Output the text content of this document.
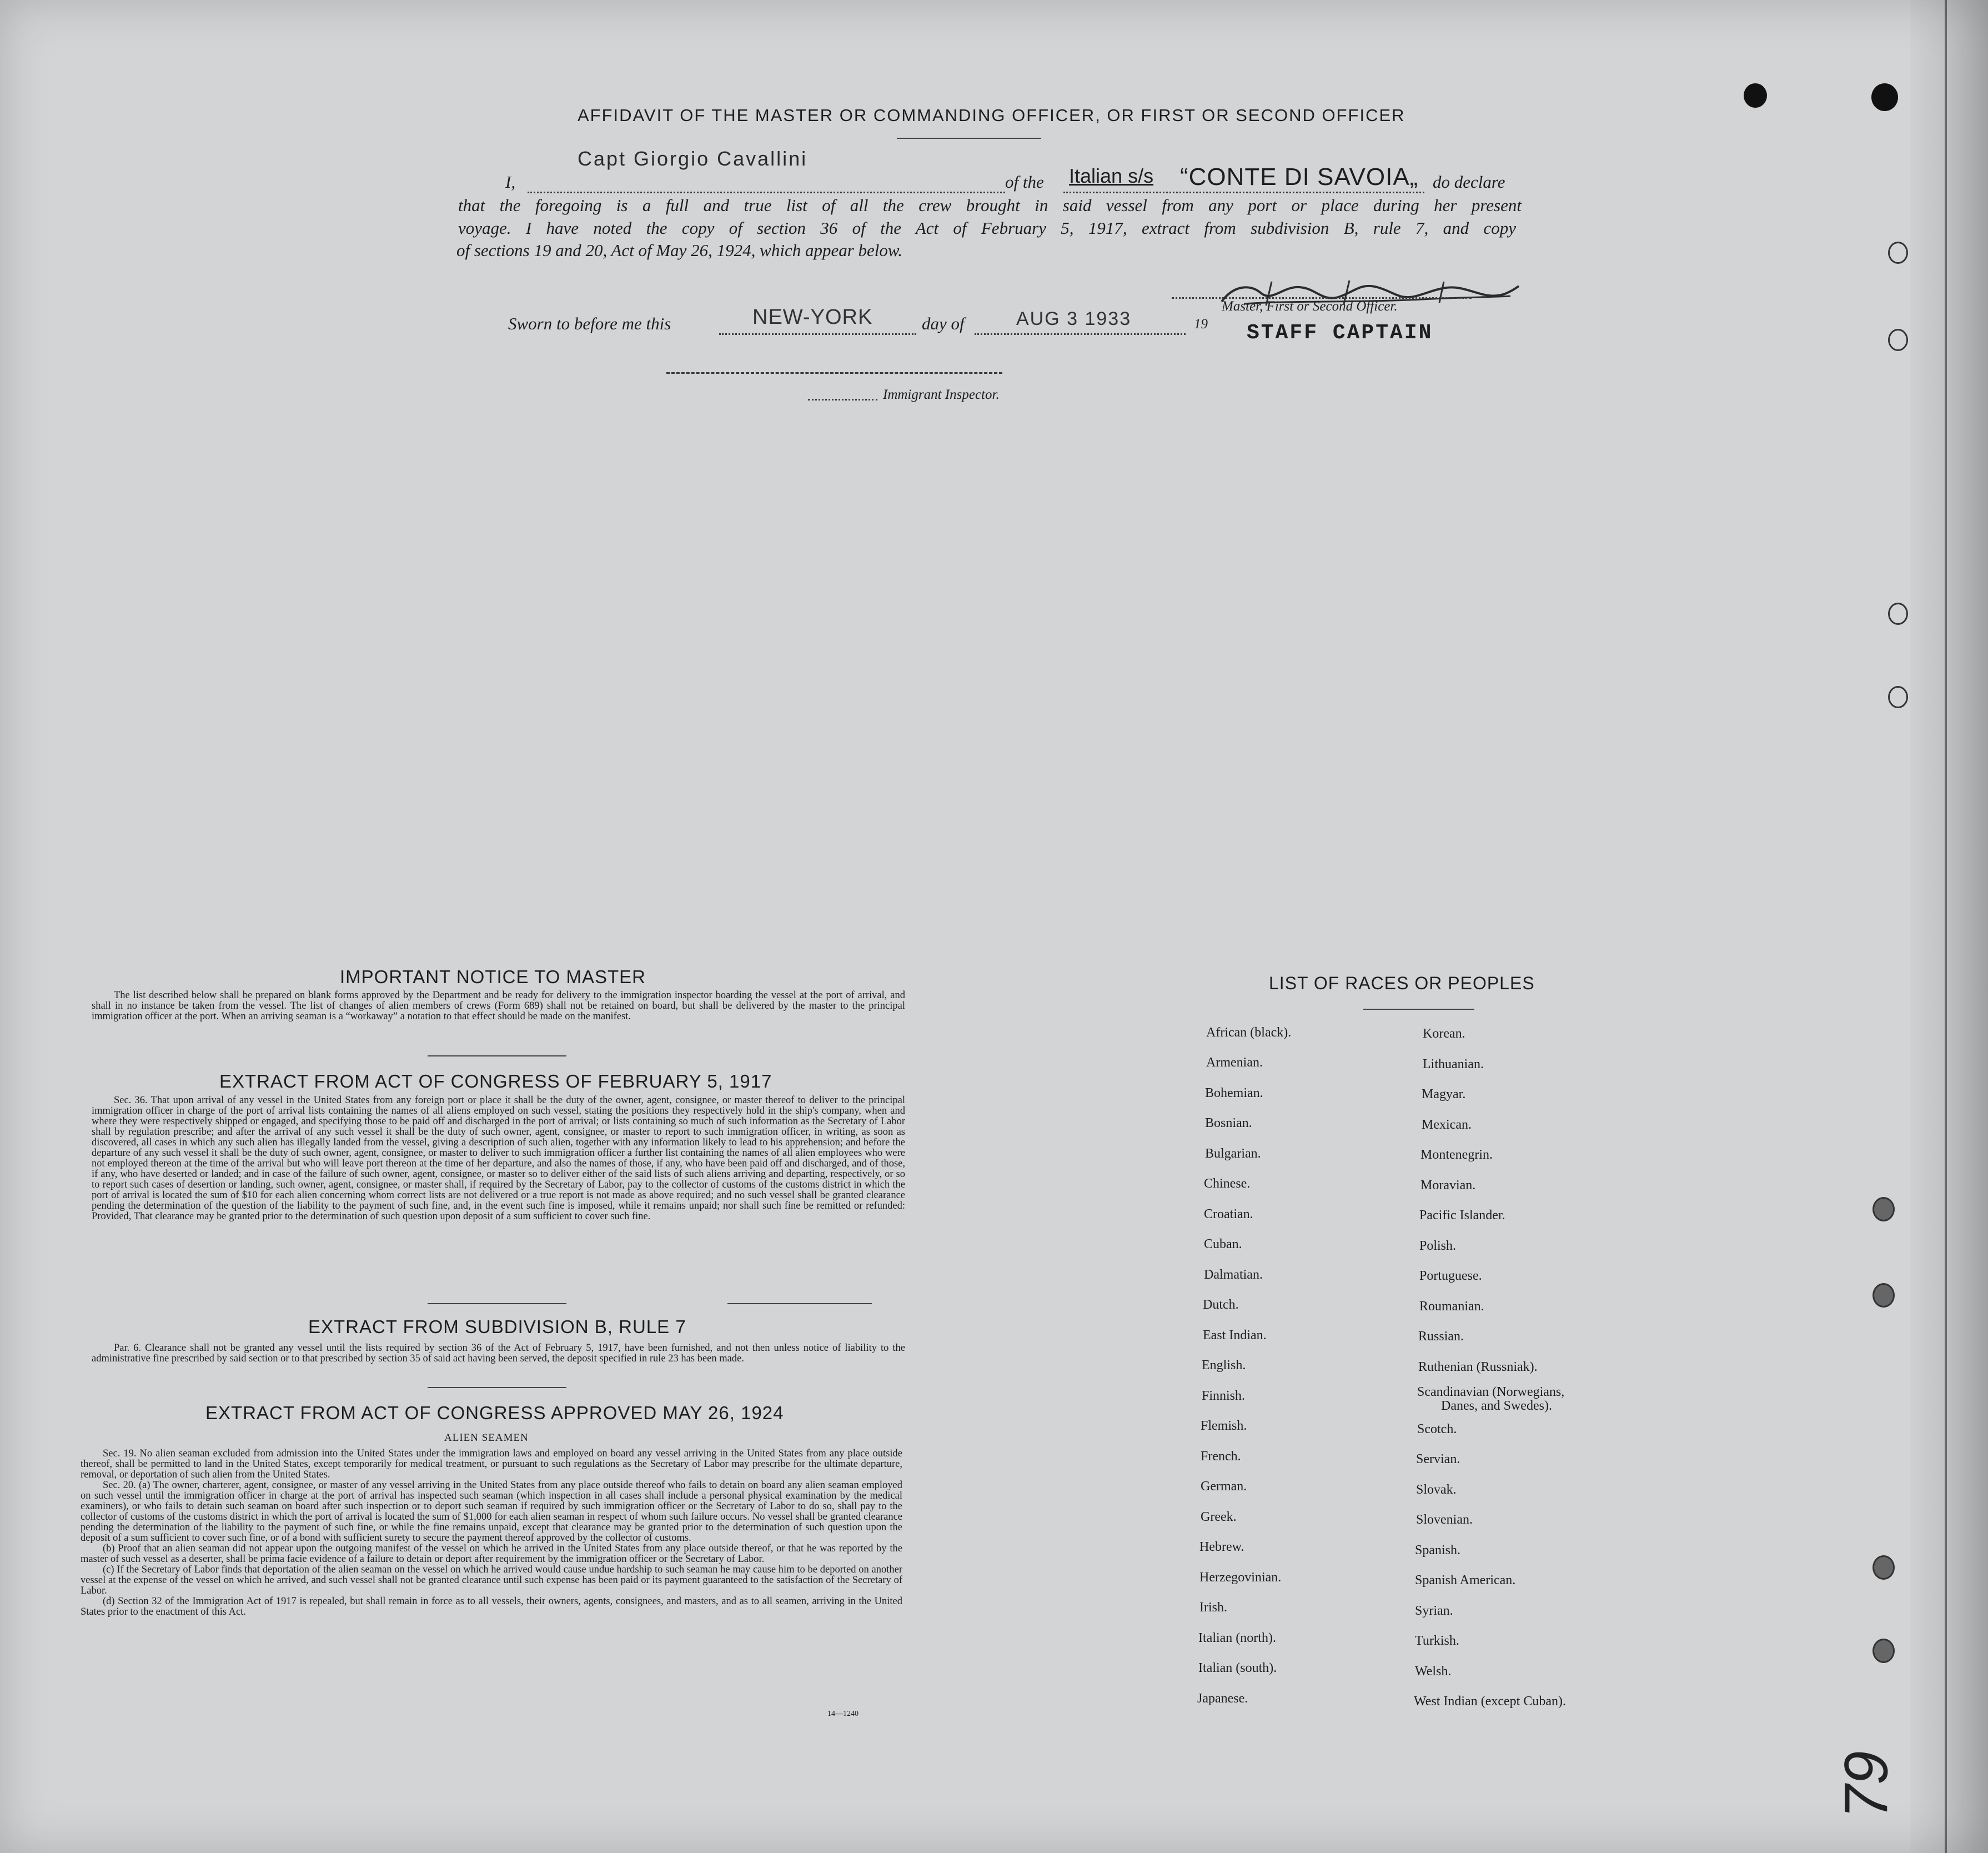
AFFIDAVIT OF THE MASTER OR COMMANDING OFFICER, OR FIRST OR SECOND OFFICER
I,
Capt Giorgio Cavallini
of the Italian s/s “CONTE DI SAVOIA„ do declare
that the foregoing is a full and true list of all the crew brought in said vessel from any port or place during her present
voyage. I have noted the copy of section 36 of the Act of February 5, 1917, extract from subdivision B, rule 7, and copy
of sections 19 and 20, Act of May 26, 1924, which appear below.
Master, First or Second Officer.
Sworn to before me this	NEW-YORK	day of	AUG 3 1933	19 STAFF CAPTAIN
Immigrant Inspector.
IMPORTANT NOTICE TO MASTER

The list described below shall be prepared on blank forms approved by the Department and be ready for delivery to the immigration inspector boarding the vessel at the port of arrival, and shall in no instance be taken from the vessel. The list of changes of alien members of crews (Form 689) shall not be retained on board, but shall be delivered by the master to the principal immigration officer at the port. When an arriving seaman is a “workaway” a notation to that effect should be made on the manifest.

EXTRACT FROM ACT OF CONGRESS OF FEBRUARY 5, 1917

Sec. 36. That upon arrival of any vessel in the United States from any foreign port or place it shall be the duty of the owner, agent, consignee, or master thereof to deliver to the principal immigration officer in charge of the port of arrival lists containing the names of all aliens employed on such vessel, stating the positions they respectively hold in the ship's company, when and where they were respectively shipped or engaged, and specifying those to be paid off and discharged in the port of arrival; or lists containing so much of such information as the Secretary of Labor shall by regulation prescribe; and after the arrival of any such vessel it shall be the duty of such owner, agent, consignee, or master to report to such immigration officer, in writing, as soon as discovered, all cases in which any such alien has illegally landed from the vessel, giving a description of such alien, together with any information likely to lead to his apprehension; and before the departure of any such vessel it shall be the duty of such owner, agent, consignee, or master to deliver to such immigration officer a further list containing the names of all alien employees who were not employed thereon at the time of the arrival but who will leave port thereon at the time of her departure, and also the names of those, if any, who have been paid off and discharged, and of those, if any, who have deserted or landed; and in case of the failure of such owner, agent, consignee, or master so to deliver either of the said lists of such aliens arriving and departing, respectively, or so to report such cases of desertion or landing, such owner, agent, consignee, or master shall, if required by the Secretary of Labor, pay to the collector of customs of the customs district in which the port of arrival is located the sum of $10 for each alien concerning whom correct lists are not delivered or a true report is not made as above required; and no such vessel shall be granted clearance pending the determination of the question of the liability to the payment of such fine, and, in the event such fine is imposed, while it remains unpaid; nor shall such fine be remitted or refunded: Provided, That clearance may be granted prior to the determination of such question upon deposit of a sum sufficient to cover such fine.

EXTRACT FROM SUBDIVISION B, RULE 7

Par. 6. Clearance shall not be granted any vessel until the lists required by section 36 of the Act of February 5, 1917, have been furnished, and not then unless notice of liability to the administrative fine prescribed by said section or to that prescribed by section 35 of said act having been served, the deposit specified in rule 23 has been made.

EXTRACT FROM ACT OF CONGRESS APPROVED MAY 26, 1924
ALIEN SEAMEN

Sec. 19. No alien seaman excluded from admission into the United States under the immigration laws and employed on board any vessel arriving in the United States from any place outside thereof, shall be permitted to land in the United States, except temporarily for medical treatment, or pursuant to such regulations as the Secretary of Labor may prescribe for the ultimate departure, removal, or deportation of such alien from the United States.

Sec. 20. (a) The owner, charterer, agent, consignee, or master of any vessel arriving in the United States from any place outside thereof who fails to detain on board any alien seaman employed on such vessel until the immigration officer in charge at the port of arrival has inspected such seaman (which inspection in all cases shall include a personal physical examination by the medical examiners), or who fails to detain such seaman on board after such inspection or to deport such seaman if required by such immigration officer or the Secretary of Labor to do so, shall pay to the collector of customs of the customs district in which the port of arrival is located the sum of $1,000 for each alien seaman in respect of whom such failure occurs. No vessel shall be granted clearance pending the determination of the liability to the payment of such fine, or while the fine remains unpaid, except that clearance may be granted prior to the determination of such question upon the deposit of a sum sufficient to cover such fine, or of a bond with sufficient surety to secure the payment thereof approved by the collector of customs.

(b) Proof that an alien seaman did not appear upon the outgoing manifest of the vessel on which he arrived in the United States from any place outside thereof, or that he was reported by the master of such vessel as a deserter, shall be prima facie evidence of a failure to detain or deport after requirement by the immigration officer or the Secretary of Labor.

(c) If the Secretary of Labor finds that deportation of the alien seaman on the vessel on which he arrived would cause undue hardship to such seaman he may cause him to be deported on another vessel at the expense of the vessel on which he arrived, and such vessel shall not be granted clearance until such expense has been paid or its payment guaranteed to the satisfaction of the Secretary of Labor.

(d) Section 32 of the Immigration Act of 1917 is repealed, but shall remain in force as to all vessels, their owners, agents, consignees, and masters, and as to all seamen, arriving in the United States prior to the enactment of this Act.

14—1240
LIST OF RACES OR PEOPLES
African (black).
Armenian.
Bohemian.
Bosnian.
Bulgarian.
Chinese.
Croatian.
Cuban.
Dalmatian.
Dutch.
East Indian.
English.
Finnish.
Flemish.
French.
German.
Greek.
Hebrew.
Herzegovinian.
Irish.
Italian (north).
Italian (south).
Japanese.
Korean.
Lithuanian.
Magyar.
Mexican.
Montenegrin.
Moravian.
Pacific Islander.
Polish.
Portuguese.
Roumanian.
Russian.
Ruthenian (Russniak).
Scandinavian (Norwegians,
Danes, and Swedes).
Scotch.
Servian.
Slovak.
Slovenian.
Spanish.
Spanish American.
Syrian.
Turkish.
Welsh.
West Indian (except Cuban).
79
